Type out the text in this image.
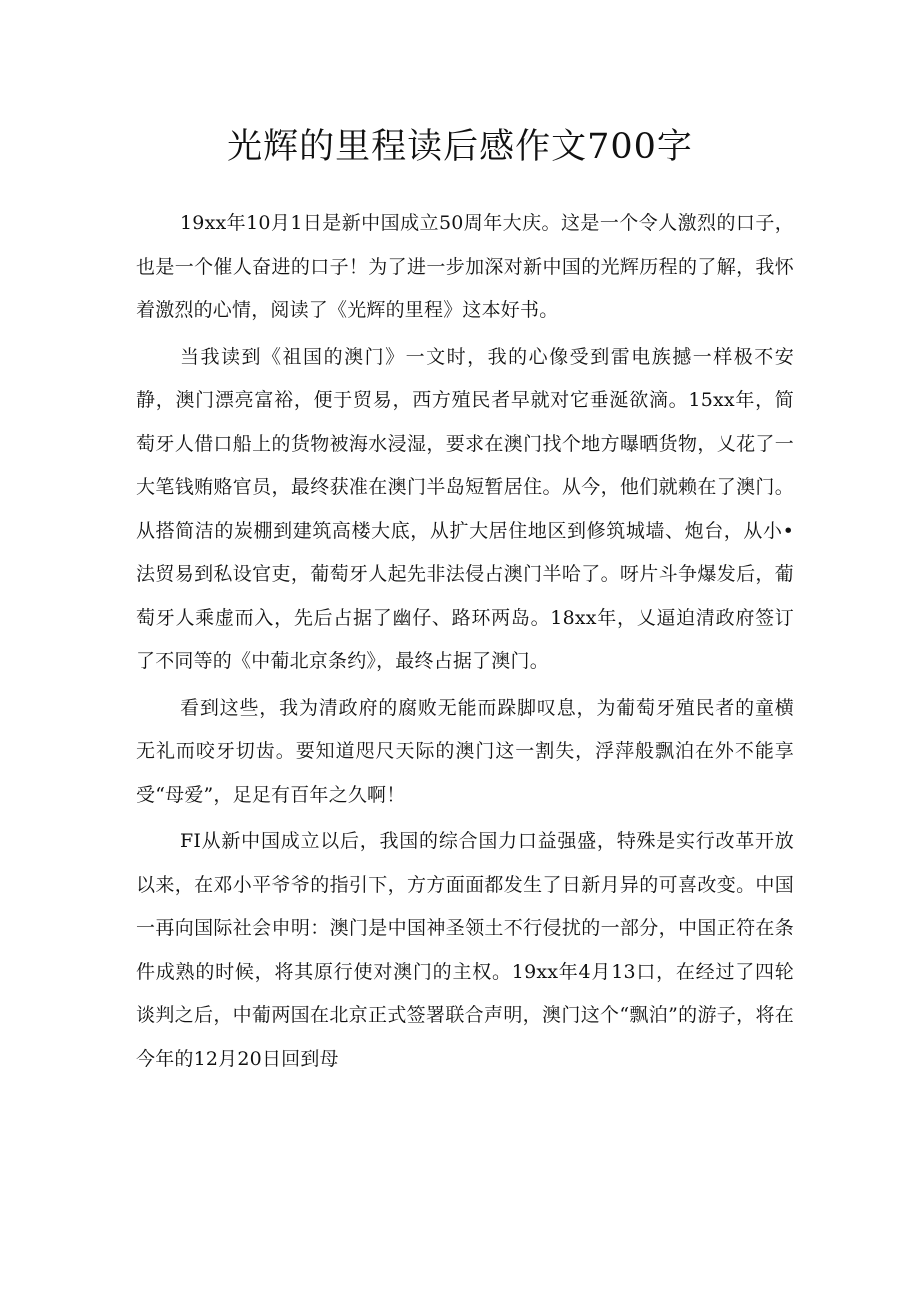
光辉的里程读后感作文700字

19xx年10月1日是新中国成立50周年大庆。这是一个令人激烈的口子，也是一个催人奋进的口子！为了进一步加深对新中国的光辉历程的了解，我怀着激烈的心情，阅读了《光辉的里程》这本好书。

当我读到《祖国的澳门》一文时，我的心像受到雷电族撼一样极不安静，澳门漂亮富裕，便于贸易，西方殖民者早就对它垂涎欲滴。15xx年，简萄牙人借口船上的货物被海水浸湿，要求在澳门找个地方曝晒货物，乂花了一大笔钱贿赂官员，最终获准在澳门半岛短暂居住。从今，他们就赖在了澳门。从搭简洁的炭棚到建筑高楼大底，从扩大居住地区到修筑城墙、炮台，从小•法贸易到私设官吏，葡萄牙人起先非法侵占澳门半哈了。呀片斗争爆发后，葡萄牙人乘虚而入，先后占据了幽仔、路环两岛。18xx年，乂逼迫清政府签订了不同等的《中葡北京条约》，最终占据了澳门。

看到这些，我为清政府的腐败无能而跺脚叹息，为葡萄牙殖民者的童横无礼而咬牙切齿。要知道咫尺天际的澳门这一割失，浮萍般飘泊在外不能享受“母爱”，足足有百年之久啊！

FI从新中国成立以后，我国的综合国力口益强盛，特殊是实行改革开放以来，在邓小平爷爷的指引下，方方面面都发生了日新月异的可喜改变。中国一再向国际社会申明：澳门是中国神圣领土不行侵扰的一部分，中国正符在条件成熟的时候，将其原行使对澳门的主权。19xx年4月13口，在经过了四轮谈判之后，中葡两国在北京正式签署联合声明，澳门这个“飘泊”的游子，将在今年的12月20日回到母
